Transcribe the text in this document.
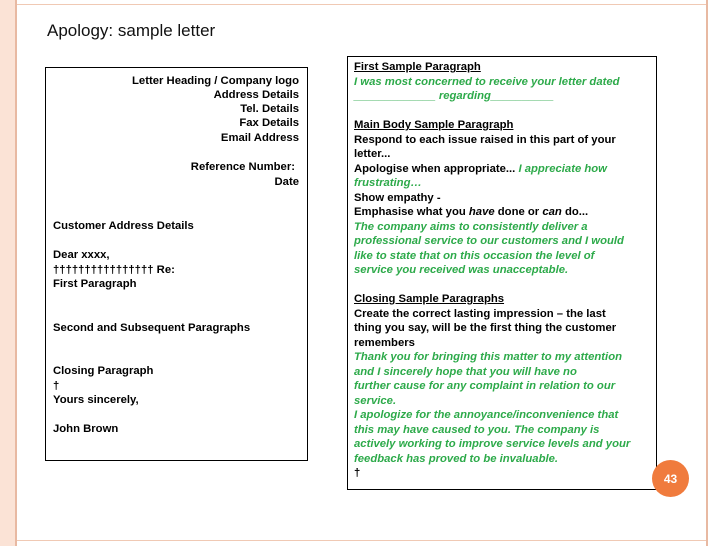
Apology: sample letter
Letter Heading / Company logo
Address Details
Tel. Details
Fax Details
Email Address
Reference Number:
Date
Customer Address Details
Dear xxxx,
†††††††††††††††† Re:
First Paragraph
Second and Subsequent Paragraphs
Closing Paragraph
†
Yours sincerely,
John Brown
First Sample Paragraph
I was most concerned to receive your letter dated
_____________ regarding__________
Main Body Sample Paragraph
Respond to each issue raised in this part of your
letter...
Apologise when appropriate... I appreciate how
frustrating…
Show empathy -
Emphasise what you have done or can do...
The company aims to consistently deliver a
professional service to our customers and I would
like to state that on this occasion the level of
service you received was unacceptable.
Closing Sample Paragraphs
Create the correct lasting impression – the last
thing you say, will be the first thing the customer
remembers
Thank you for bringing this matter to my attention
and I sincerely hope that you will have no
further cause for any complaint in relation to our
service.
I apologize for the annoyance/inconvenience that
this may have caused to you. The company is
actively working to improve service levels and your
feedback has proved to be invaluable.
†	43
